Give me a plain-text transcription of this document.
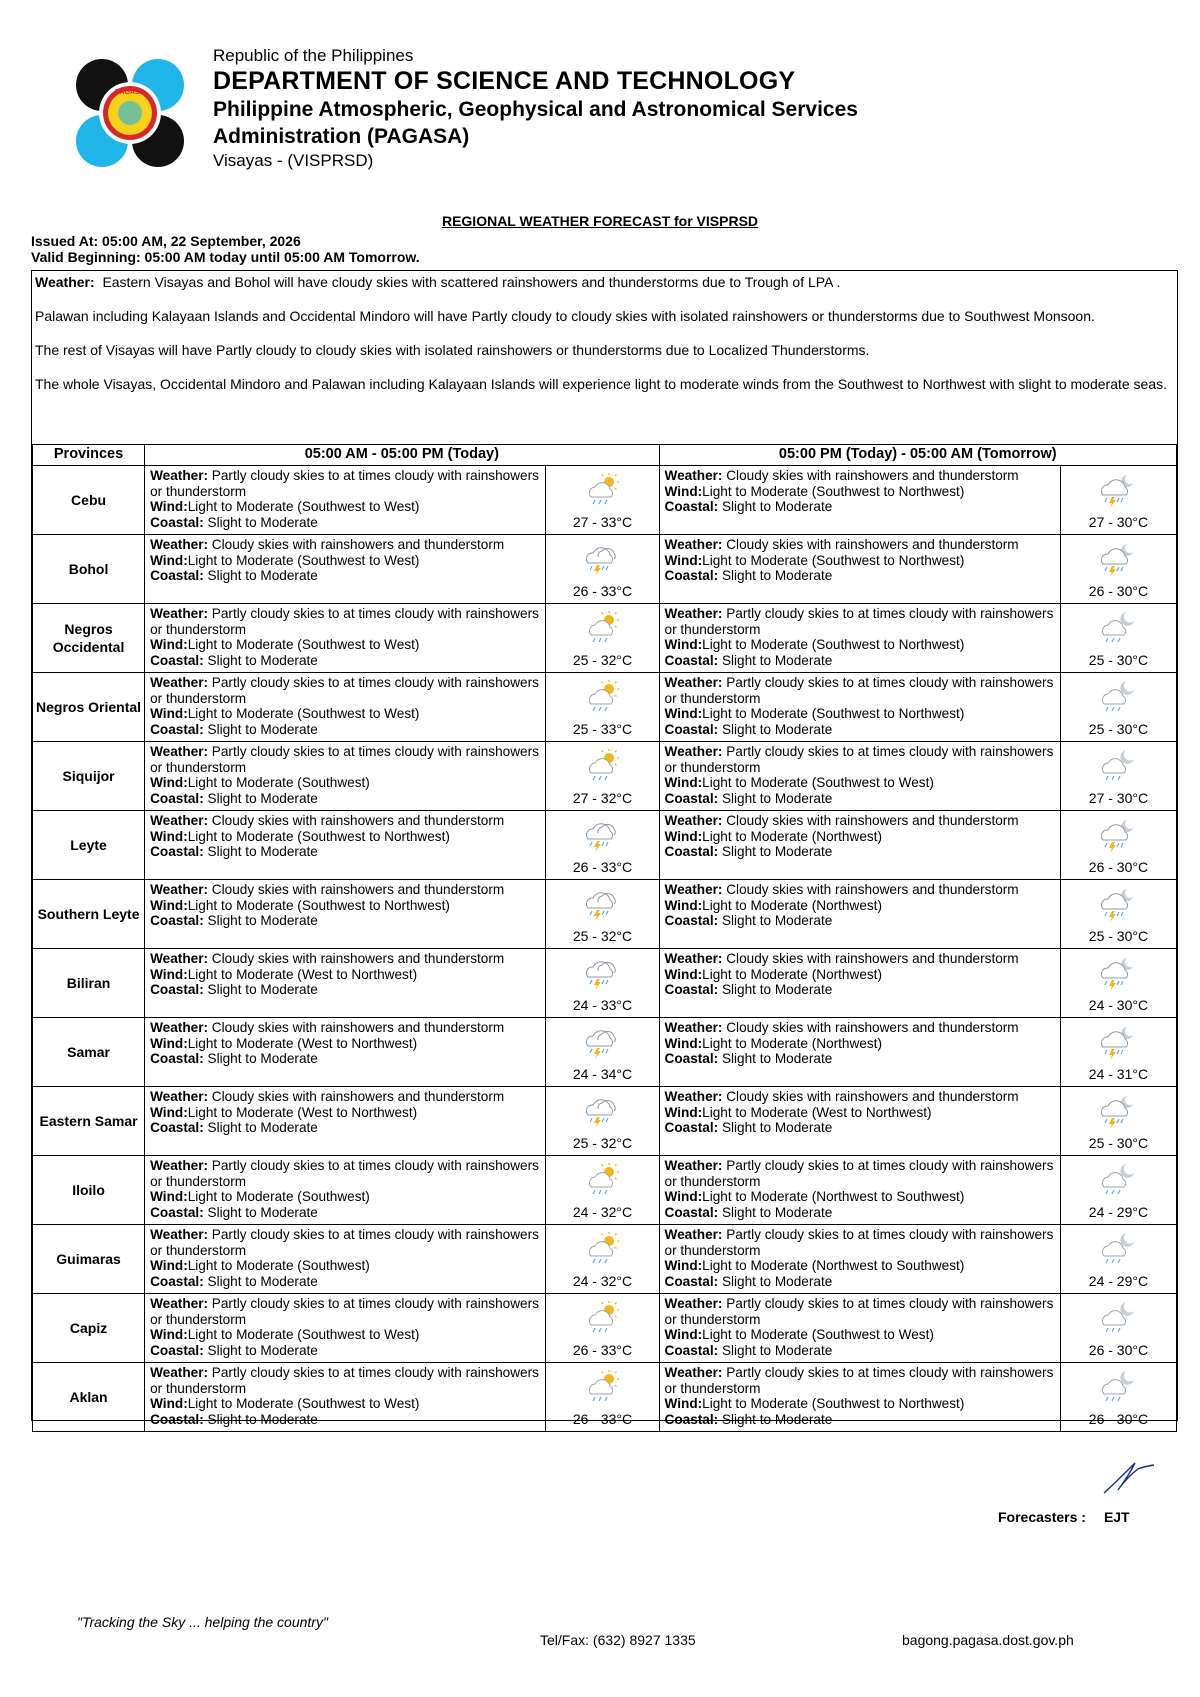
PAGASA
Republic of the Philippines
DEPARTMENT OF SCIENCE AND TECHNOLOGY
Philippine Atmospheric, Geophysical and Astronomical Services
Administration (PAGASA)
Visayas - (VISPRSD)
REGIONAL WEATHER FORECAST for VISPRSD
Issued At: 05:00 AM, 22 September, 2026
Valid Beginning: 05:00 AM today until 05:00 AM Tomorrow.

Weather: Eastern Visayas and Bohol will have cloudy skies with scattered rainshowers and thunderstorms due to Trough of LPA .

Palawan including Kalayaan Islands and Occidental Mindoro will have Partly cloudy to cloudy skies with isolated rainshowers or thunderstorms due to Southwest Monsoon.

The rest of Visayas will have Partly cloudy to cloudy skies with isolated rainshowers or thunderstorms due to Localized Thunderstorms.

The whole Visayas, Occidental Mindoro and Palawan including Kalayaan Islands will experience light to moderate winds from the Southwest to Northwest with slight to moderate seas.

Provinces	05:00 AM - 05:00 PM (Today)		05:00 PM (Today) - 05:00 AM (Tomorrow)	
Cebu	Weather: Partly cloudy skies to at times cloudy with rainshowers or thunderstorm
Wind:Light to Moderate (Southwest to West)
Coastal: Slight to Moderate	27 - 33°C	Weather: Cloudy skies with rainshowers and thunderstorm
Wind:Light to Moderate (Southwest to Northwest)
Coastal: Slight to Moderate	27 - 30°C

Bohol	Weather: Cloudy skies with rainshowers and thunderstorm
Wind:Light to Moderate (Southwest to West)
Coastal: Slight to Moderate	26 - 33°C	Weather: Cloudy skies with rainshowers and thunderstorm
Wind:Light to Moderate (Southwest to Northwest)
Coastal: Slight to Moderate	26 - 30°C

Negros Occidental	Weather: Partly cloudy skies to at times cloudy with rainshowers or thunderstorm
Wind:Light to Moderate (Southwest to West)
Coastal: Slight to Moderate	25 - 32°C	Weather: Partly cloudy skies to at times cloudy with rainshowers or thunderstorm
Wind:Light to Moderate (Southwest to Northwest)
Coastal: Slight to Moderate	25 - 30°C

Negros Oriental	Weather: Partly cloudy skies to at times cloudy with rainshowers or thunderstorm
Wind:Light to Moderate (Southwest to West)
Coastal: Slight to Moderate	25 - 33°C	Weather: Partly cloudy skies to at times cloudy with rainshowers or thunderstorm
Wind:Light to Moderate (Southwest to Northwest)
Coastal: Slight to Moderate	25 - 30°C

Siquijor	Weather: Partly cloudy skies to at times cloudy with rainshowers or thunderstorm
Wind:Light to Moderate (Southwest)
Coastal: Slight to Moderate	27 - 32°C	Weather: Partly cloudy skies to at times cloudy with rainshowers or thunderstorm
Wind:Light to Moderate (Southwest to West)
Coastal: Slight to Moderate	27 - 30°C

Leyte	Weather: Cloudy skies with rainshowers and thunderstorm
Wind:Light to Moderate (Southwest to Northwest)
Coastal: Slight to Moderate	26 - 33°C	Weather: Cloudy skies with rainshowers and thunderstorm
Wind:Light to Moderate (Northwest)
Coastal: Slight to Moderate	26 - 30°C

Southern Leyte	Weather: Cloudy skies with rainshowers and thunderstorm
Wind:Light to Moderate (Southwest to Northwest)
Coastal: Slight to Moderate	25 - 32°C	Weather: Cloudy skies with rainshowers and thunderstorm
Wind:Light to Moderate (Northwest)
Coastal: Slight to Moderate	25 - 30°C

Biliran	Weather: Cloudy skies with rainshowers and thunderstorm
Wind:Light to Moderate (West to Northwest)
Coastal: Slight to Moderate	24 - 33°C	Weather: Cloudy skies with rainshowers and thunderstorm
Wind:Light to Moderate (Northwest)
Coastal: Slight to Moderate	24 - 30°C

Samar	Weather: Cloudy skies with rainshowers and thunderstorm
Wind:Light to Moderate (West to Northwest)
Coastal: Slight to Moderate	24 - 34°C	Weather: Cloudy skies with rainshowers and thunderstorm
Wind:Light to Moderate (Northwest)
Coastal: Slight to Moderate	24 - 31°C

Eastern Samar	Weather: Cloudy skies with rainshowers and thunderstorm
Wind:Light to Moderate (West to Northwest)
Coastal: Slight to Moderate	25 - 32°C	Weather: Cloudy skies with rainshowers and thunderstorm
Wind:Light to Moderate (West to Northwest)
Coastal: Slight to Moderate	25 - 30°C

Iloilo	Weather: Partly cloudy skies to at times cloudy with rainshowers or thunderstorm
Wind:Light to Moderate (Southwest)
Coastal: Slight to Moderate	24 - 32°C	Weather: Partly cloudy skies to at times cloudy with rainshowers or thunderstorm
Wind:Light to Moderate (Northwest to Southwest)
Coastal: Slight to Moderate	24 - 29°C

Guimaras	Weather: Partly cloudy skies to at times cloudy with rainshowers or thunderstorm
Wind:Light to Moderate (Southwest)
Coastal: Slight to Moderate	24 - 32°C	Weather: Partly cloudy skies to at times cloudy with rainshowers or thunderstorm
Wind:Light to Moderate (Northwest to Southwest)
Coastal: Slight to Moderate	24 - 29°C

Capiz	Weather: Partly cloudy skies to at times cloudy with rainshowers or thunderstorm
Wind:Light to Moderate (Southwest to West)
Coastal: Slight to Moderate	26 - 33°C	Weather: Partly cloudy skies to at times cloudy with rainshowers or thunderstorm
Wind:Light to Moderate (Southwest to West)
Coastal: Slight to Moderate	26 - 30°C

Aklan	Weather: Partly cloudy skies to at times cloudy with rainshowers or thunderstorm
Wind:Light to Moderate (Southwest to West)
Coastal: Slight to Moderate	26 - 33°C	Weather: Partly cloudy skies to at times cloudy with rainshowers or thunderstorm
Wind:Light to Moderate (Southwest to Northwest)
Coastal: Slight to Moderate	26 - 30°C
Forecasters : EJT
"Tracking the Sky ... helping the country"
Tel/Fax: (632) 8927 1335	bagong.pagasa.dost.gov.ph
